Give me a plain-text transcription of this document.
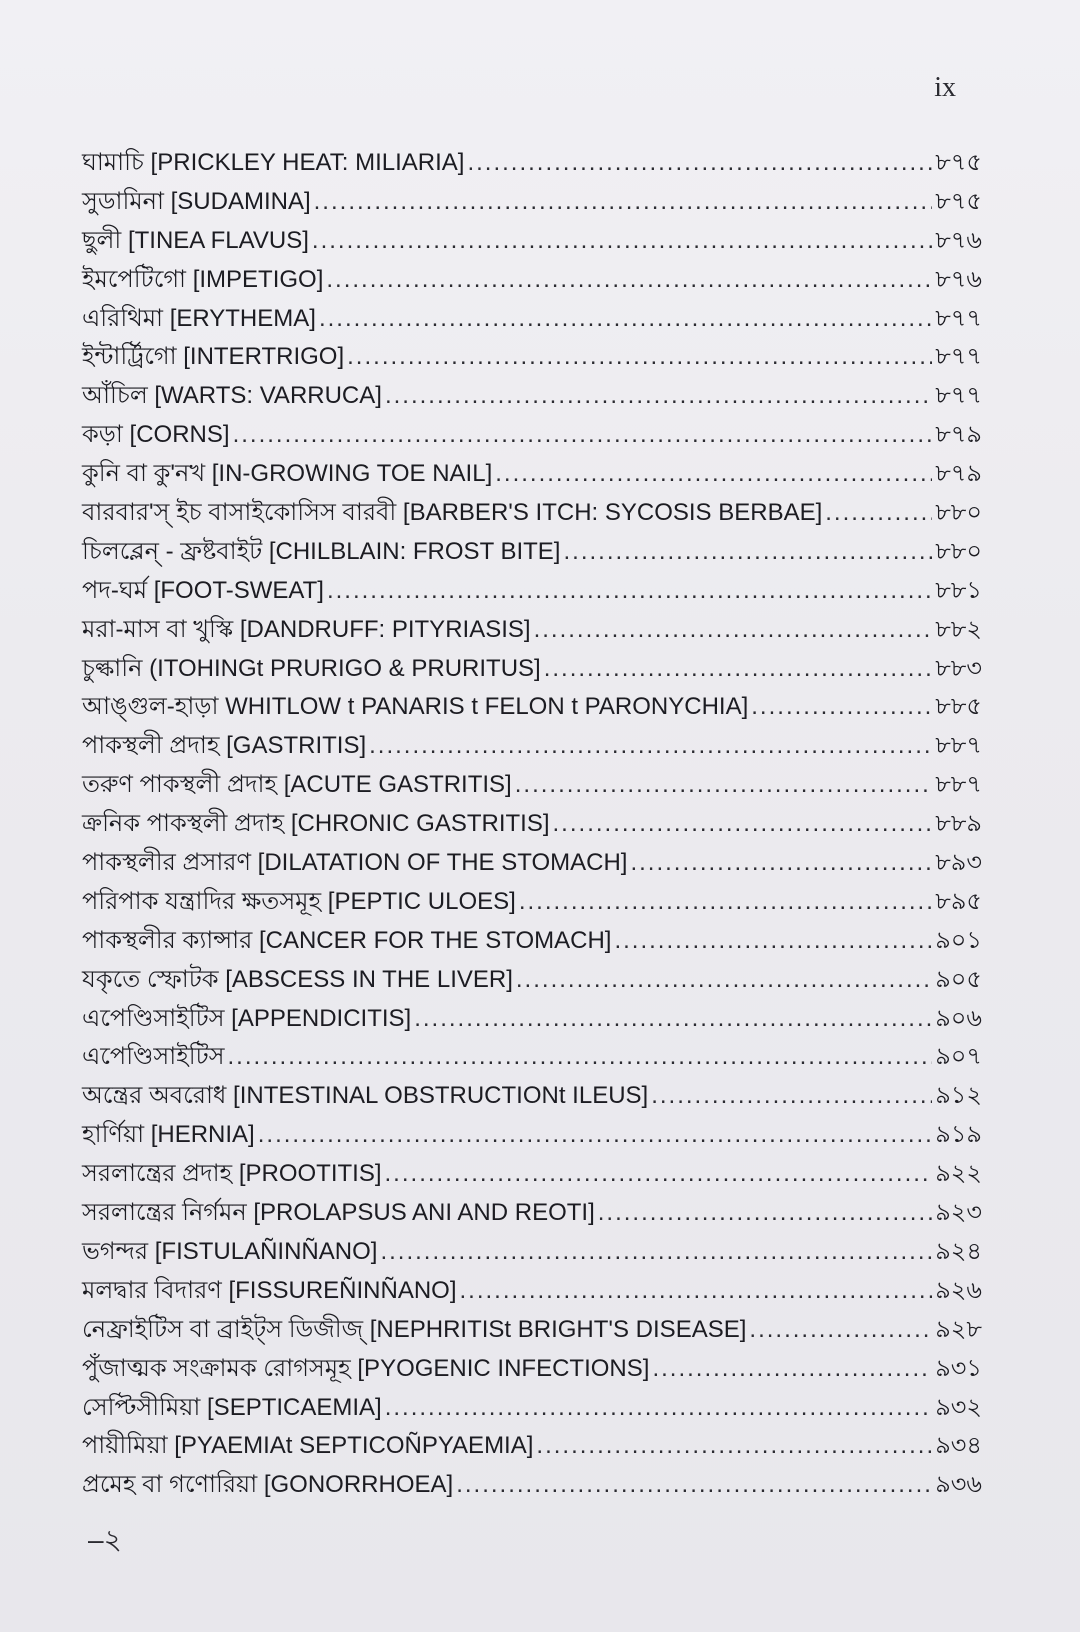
ix
ঘামাচি [PRICKLEY HEAT: MILIARIA] .....	৮৭৫
সুডামিনা [SUDAMINA] .....	৮৭৫
ছুলী [TINEA FLAVUS] .....	৮৭৬
ইমপেটিগো [IMPETIGO] .....	৮৭৬
এরিথিমা [ERYTHEMA] .....	৮৭৭
ইন্টার্ট্রিগো [INTERTRIGO] .....	৮৭৭
আঁচিল [WARTS: VARRUCA] .....	৮৭৭
কড়া [CORNS] .....	৮৭৯
কুনি বা কু'নখ [IN-GROWING TOE NAIL] .....	৮৭৯
বারবার'স্ ইচ বাসাইকোসিস বারবী [BARBER'S ITCH: SYCOSIS BERBAE] .....	৮৮০
চিলব্লেন্ - ফ্রষ্টবাইট [CHILBLAIN: FROST BITE] .....	৮৮০
পদ-ঘর্ম [FOOT-SWEAT] .....	৮৮১
মরা-মাস বা খুস্কি [DANDRUFF: PITYRIASIS] .....	৮৮২
চুল্কানি (ITOHINGt PRURIGO & PRURITUS] .....	৮৮৩
আঙ্গুল-হাড়া WHITLOW t PANARIS t FELON t PARONYCHIA] .....	৮৮৫
পাকস্থলী প্রদাহ [GASTRITIS] .....	৮৮৭
তরুণ পাকস্থলী প্রদাহ [ACUTE GASTRITIS] .....	৮৮৭
ক্রনিক পাকস্থলী প্রদাহ [CHRONIC GASTRITIS] .....	৮৮৯
পাকস্থলীর প্রসারণ [DILATATION OF THE STOMACH] .....	৮৯৩
পরিপাক যন্ত্রাদির ক্ষতসমূহ [PEPTIC ULOES] .....	৮৯৫
পাকস্থলীর ক্যান্সার [CANCER FOR THE STOMACH] .....	৯০১
যকৃতে স্ফোটক [ABSCESS IN THE LIVER] .....	৯০৫
এপেণ্ডিসাইটিস [APPENDICITIS] .....	৯০৬
এপেণ্ডিসাইটিস .....	৯০৭
অন্ত্রের অবরোধ [INTESTINAL OBSTRUCTIONt ILEUS] .....	৯১২
হার্ণিয়া [HERNIA] .....	৯১৯
সরলান্ত্রের প্রদাহ [PROOTITIS] .....	৯২২
সরলান্ত্রের নির্গমন [PROLAPSUS ANI AND REOTI] .....	৯২৩
ভগন্দর [FISTULAÑINÑANO] .....	৯২৪
মলদ্বার বিদারণ [FISSUREÑINÑANO] .....	৯২৬
নেফ্রাইটিস বা ব্রাইট্স ডিজীজ্ [NEPHRITISt BRIGHT'S DISEASE] .....	৯২৮
পুঁজাত্মক সংক্রামক রোগসমূহ [PYOGENIC INFECTIONS] .....	৯৩১
সেপ্টিসীমিয়া [SEPTICAEMIA] .....	৯৩২
পায়ীমিয়া [PYAEMIAt SEPTICOÑPYAEMIA] .....	৯৩৪
প্রমেহ বা গণোরিয়া [GONORRHOEA] .....	৯৩৬
–২
